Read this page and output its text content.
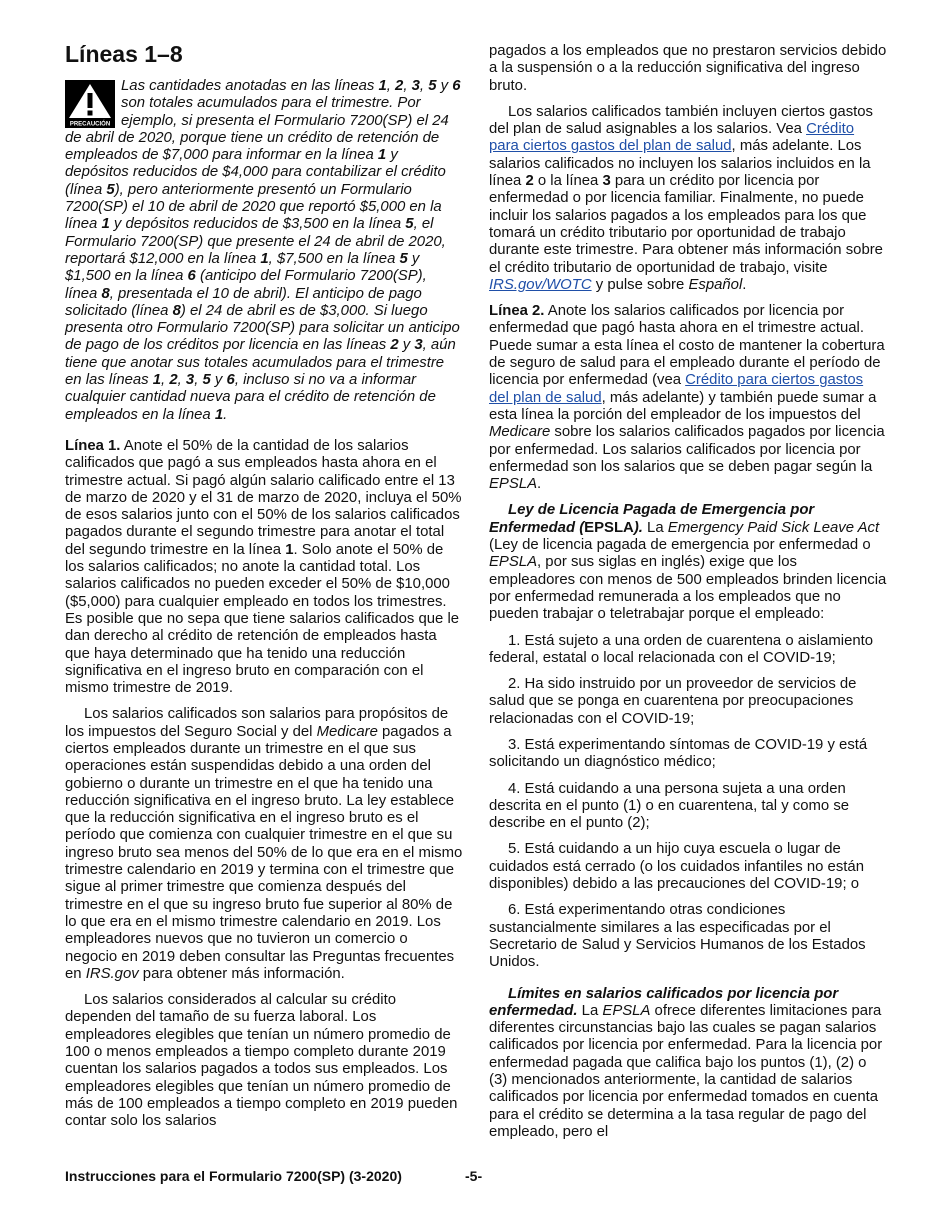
Líneas 1–8
PRECAUCIÓN
Las cantidades anotadas en las líneas 1, 2, 3, 5 y 6 son totales acumulados para el trimestre. Por ejemplo, si presenta el Formulario 7200(SP) el 24 de abril de 2020, porque tiene un crédito de retención de empleados de $7,000 para informar en la línea 1 y depósitos reducidos de $4,000 para contabilizar el crédito (línea 5), pero anteriormente presentó un Formulario 7200(SP) el 10 de abril de 2020 que reportó $5,000 en la línea 1 y depósitos reducidos de $3,500 en la línea 5, el Formulario 7200(SP) que presente el 24 de abril de 2020, reportará $12,000 en la línea 1, $7,500 en la línea 5 y $1,500 en la línea 6 (anticipo del Formulario 7200(SP), línea 8, presentada el 10 de abril). El anticipo de pago solicitado (línea 8) el 24 de abril es de $3,000. Si luego presenta otro Formulario 7200(SP) para solicitar un anticipo de pago de los créditos por licencia en las líneas 2 y 3, aún tiene que anotar sus totales acumulados para el trimestre en las líneas 1, 2, 3, 5 y 6, incluso si no va a informar cualquier cantidad nueva para el crédito de retención de empleados en la línea 1.

Línea 1. Anote el 50% de la cantidad de los salarios calificados que pagó a sus empleados hasta ahora en el trimestre actual. Si pagó algún salario calificado entre el 13 de marzo de 2020 y el 31 de marzo de 2020, incluya el 50% de esos salarios junto con el 50% de los salarios calificados pagados durante el segundo trimestre para anotar el total del segundo trimestre en la línea 1. Solo anote el 50% de los salarios calificados; no anote la cantidad total. Los salarios calificados no pueden exceder el 50% de $10,000 ($5,000) para cualquier empleado en todos los trimestres. Es posible que no sepa que tiene salarios calificados que le dan derecho al crédito de retención de empleados hasta que haya determinado que ha tenido una reducción significativa en el ingreso bruto en comparación con el mismo trimestre de 2019.

Los salarios calificados son salarios para propósitos de los impuestos del Seguro Social y del Medicare pagados a ciertos empleados durante un trimestre en el que sus operaciones están suspendidas debido a una orden del gobierno o durante un trimestre en el que ha tenido una reducción significativa en el ingreso bruto. La ley establece que la reducción significativa en el ingreso bruto es el período que comienza con cualquier trimestre en el que su ingreso bruto sea menos del 50% de lo que era en el mismo trimestre calendario en 2019 y termina con el trimestre que sigue al primer trimestre que comienza después del trimestre en el que su ingreso bruto fue superior al 80% de lo que era en el mismo trimestre calendario en 2019. Los empleadores nuevos que no tuvieron un comercio o negocio en 2019 deben consultar las Preguntas frecuentes en IRS.gov para obtener más información.

Los salarios considerados al calcular su crédito dependen del tamaño de su fuerza laboral. Los empleadores elegibles que tenían un número promedio de 100 o menos empleados a tiempo completo durante 2019 cuentan los salarios pagados a todos sus empleados. Los empleadores elegibles que tenían un número promedio de más de 100 empleados a tiempo completo en 2019 pueden contar solo los salarios

pagados a los empleados que no prestaron servicios debido a la suspensión o a la reducción significativa del ingreso bruto.

Los salarios calificados también incluyen ciertos gastos del plan de salud asignables a los salarios. Vea Crédito para ciertos gastos del plan de salud, más adelante. Los salarios calificados no incluyen los salarios incluidos en la línea 2 o la línea 3 para un crédito por licencia por enfermedad o por licencia familiar. Finalmente, no puede incluir los salarios pagados a los empleados para los que tomará un crédito tributario por oportunidad de trabajo durante este trimestre. Para obtener más información sobre el crédito tributario de oportunidad de trabajo, visite IRS.gov/WOTC y pulse sobre Español.

Línea 2. Anote los salarios calificados por licencia por enfermedad que pagó hasta ahora en el trimestre actual. Puede sumar a esta línea el costo de mantener la cobertura de seguro de salud para el empleado durante el período de licencia por enfermedad (vea Crédito para ciertos gastos del plan de salud, más adelante) y también puede sumar a esta línea la porción del empleador de los impuestos del Medicare sobre los salarios calificados pagados por licencia por enfermedad. Los salarios calificados por licencia por enfermedad son los salarios que se deben pagar según la EPSLA.

Ley de Licencia Pagada de Emergencia por Enfermedad (EPSLA). La Emergency Paid Sick Leave Act (Ley de licencia pagada de emergencia por enfermedad o EPSLA, por sus siglas en inglés) exige que los empleadores con menos de 500 empleados brinden licencia por enfermedad remunerada a los empleados que no pueden trabajar o teletrabajar porque el empleado:

1. Está sujeto a una orden de cuarentena o aislamiento federal, estatal o local relacionada con el COVID-19;

2. Ha sido instruido por un proveedor de servicios de salud que se ponga en cuarentena por preocupaciones relacionadas con el COVID-19;

3. Está experimentando síntomas de COVID-19 y está solicitando un diagnóstico médico;

4. Está cuidando a una persona sujeta a una orden descrita en el punto (1) o en cuarentena, tal y como se describe en el punto (2);

5. Está cuidando a un hijo cuya escuela o lugar de cuidados está cerrado (o los cuidados infantiles no están disponibles) debido a las precauciones del COVID-19; o

6. Está experimentando otras condiciones sustancialmente similares a las especificadas por el Secretario de Salud y Servicios Humanos de los Estados Unidos.

Límites en salarios calificados por licencia por enfermedad. La EPSLA ofrece diferentes limitaciones para diferentes circunstancias bajo las cuales se pagan salarios calificados por licencia por enfermedad. Para la licencia por enfermedad pagada que califica bajo los puntos (1), (2) o (3) mencionados anteriormente, la cantidad de salarios calificados por licencia por enfermedad tomados en cuenta para el crédito se determina a la tasa regular de pago del empleado, pero el

Instrucciones para el Formulario 7200(SP) (3-2020)	-5-
